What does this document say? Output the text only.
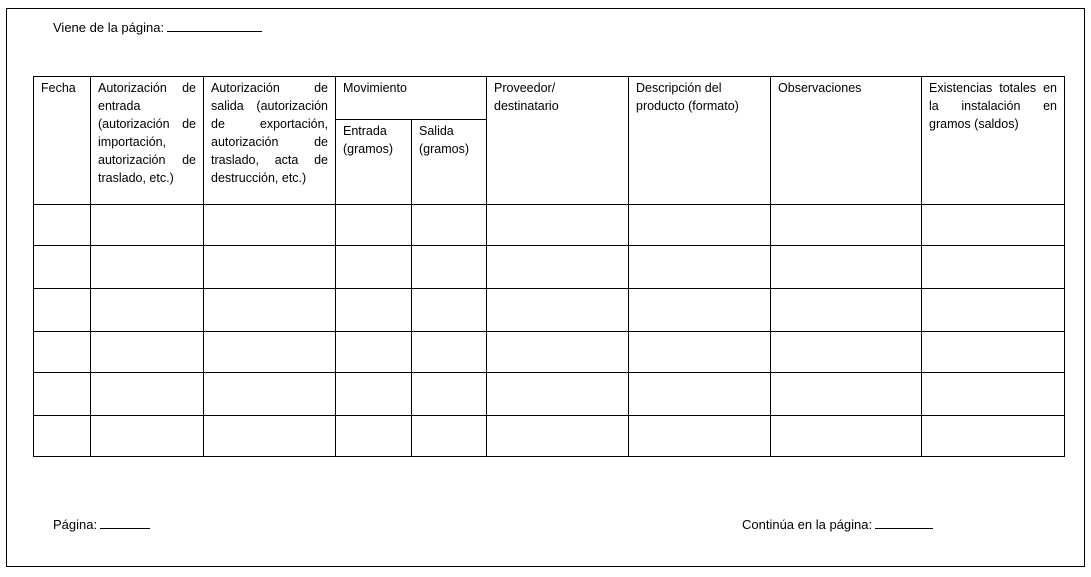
Viene de la página:
Fecha	Autorización de entrada (autorización de importación, autorización de traslado, etc.)	Autorización de salida (autorización de exportación, autorización de traslado, acta de destrucción, etc.)	Movimiento		Proveedor/ destinatario	Descripción del producto (formato)	Observaciones	Existencias totales en la instalación en gramos (saldos)
			Entrada (gramos)	Salida (gramos)				

Página:	Continúa en la página:
